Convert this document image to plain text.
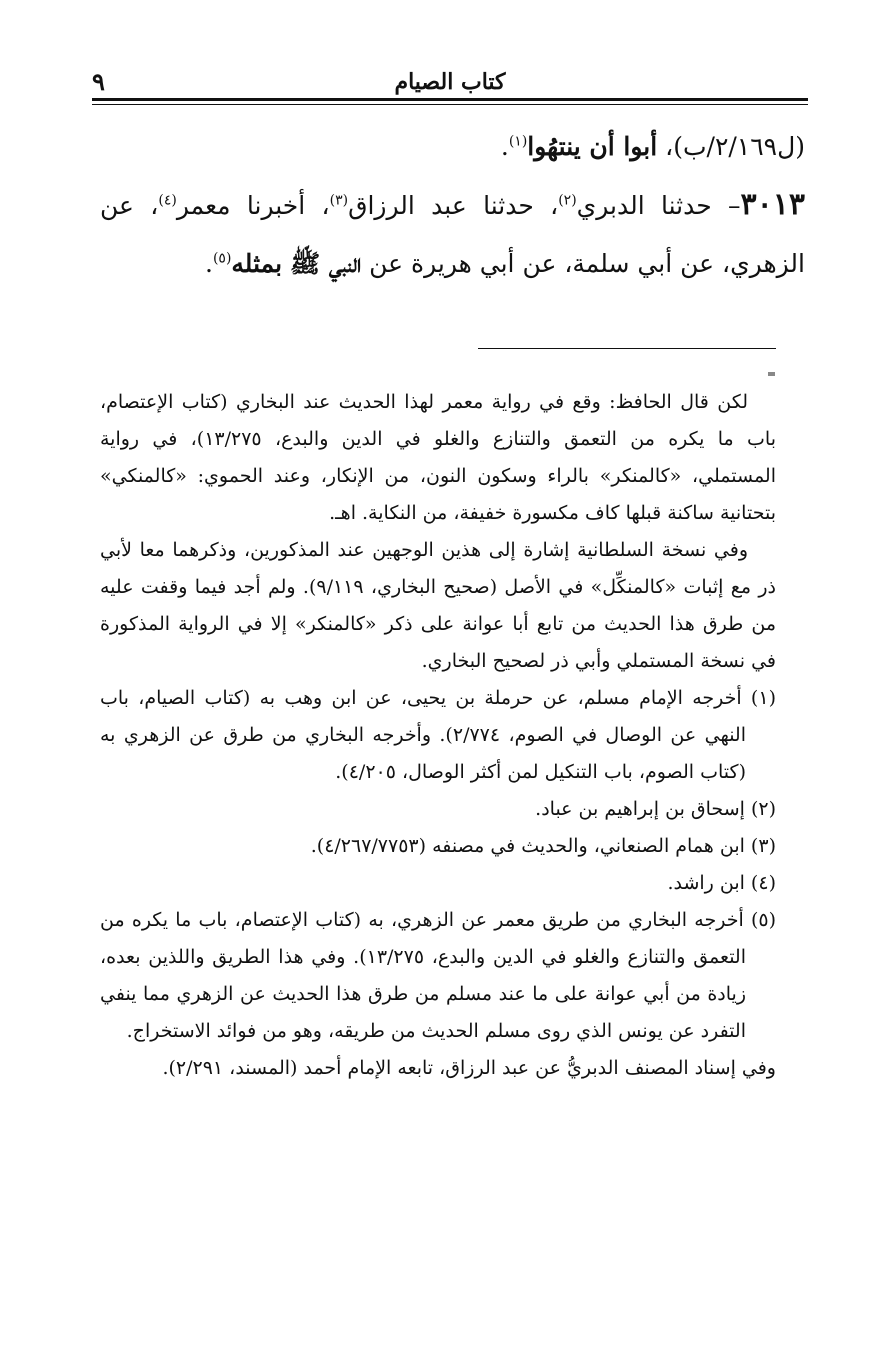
٩	كتاب الصيام

(ل٢/١٦٩/ب)، أبوا أن ينتهُوا$^{(١)}$.

٣٠١٣– حدثنا الدبري$^{(٢)}$، حدثنا عبد الرزاق$^{(٣)}$، أخبرنا معمر$^{(٤)}$، عن الزهري، عن أبي سلمة، عن أبي هريرة عن النبي ﷺ بمثله$^{(٥)}$.

لكن قال الحافظ: وقع في رواية معمر لهذا الحديث عند البخاري (كتاب الإعتصام، باب ما يكره من التعمق والتنازع والغلو في الدين والبدع، ١٣/٢٧٥)، في رواية المستملي، «كالمنكر» بالراء وسكون النون، من الإنكار، وعند الحموي: «كالمنكي» بتحتانية ساكنة قبلها كاف مكسورة خفيفة، من النكاية. اهـ.

وفي نسخة السلطانية إشارة إلى هذين الوجهين عند المذكورين، وذكرهما معا لأبي ذر مع إثبات «كالمنكِّل» في الأصل (صحيح البخاري، ٩/١١٩). ولم أجد فيما وقفت عليه من طرق هذا الحديث من تابع أبا عوانة على ذكر «كالمنكر» إلا في الرواية المذكورة في نسخة المستملي وأبي ذر لصحيح البخاري.

(١) أخرجه الإمام مسلم، عن حرملة بن يحيى، عن ابن وهب به (كتاب الصيام، باب النهي عن الوصال في الصوم، ٢/٧٧٤). وأخرجه البخاري من طرق عن الزهري به (كتاب الصوم، باب التنكيل لمن أكثر الوصال، ٤/٢٠٥).

(٢) إسحاق بن إبراهيم بن عباد.

(٣) ابن همام الصنعاني، والحديث في مصنفه (٤/٢٦٧/٧٧٥٣).

(٤) ابن راشد.

(٥) أخرجه البخاري من طريق معمر عن الزهري، به (كتاب الإعتصام، باب ما يكره من التعمق والتنازع والغلو في الدين والبدع، ١٣/٢٧٥). وفي هذا الطريق واللذين بعده، زيادة من أبي عوانة على ما عند مسلم من طرق هذا الحديث عن الزهري مما ينفي التفرد عن يونس الذي روى مسلم الحديث من طريقه، وهو من فوائد الاستخراج.

وفي إسناد المصنف الدبريُّ عن عبد الرزاق، تابعه الإمام أحمد (المسند، ٢/٢٩١).
